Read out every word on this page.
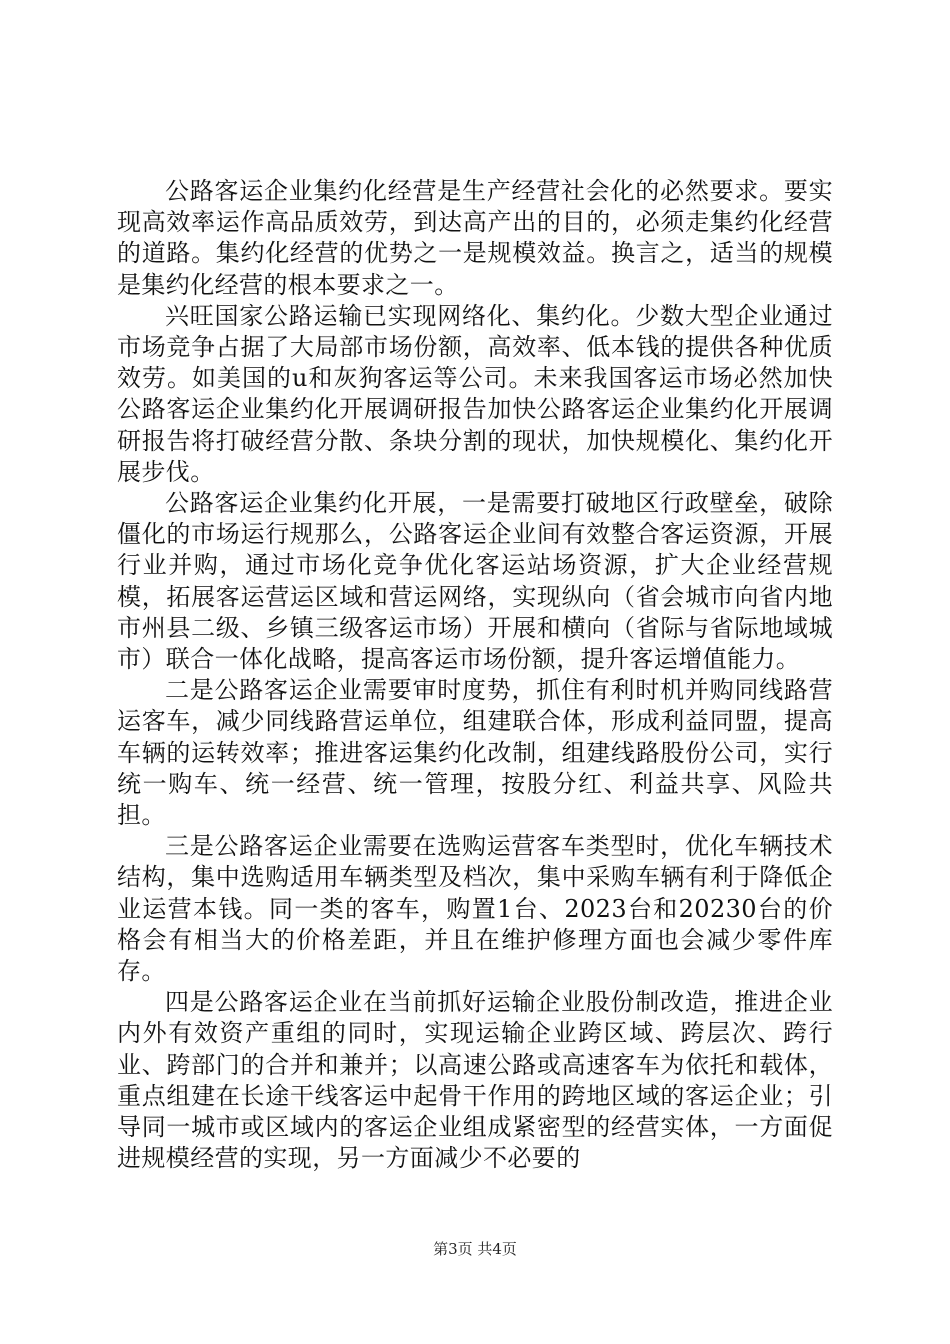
公路客运企业集约化经营是生产经营社会化的必然要求。要实现高效率运作高品质效劳，到达高产出的目的，必须走集约化经营的道路。集约化经营的优势之一是规模效益。换言之，适当的规模是集约化经营的根本要求之一。

兴旺国家公路运输已实现网络化、集约化。少数大型企业通过市场竞争占据了大局部市场份额，高效率、低本钱的提供各种优质效劳。如美国的u和灰狗客运等公司。未来我国客运市场必然加快公路客运企业集约化开展调研报告加快公路客运企业集约化开展调研报告将打破经营分散、条块分割的现状，加快规模化、集约化开展步伐。

公路客运企业集约化开展，一是需要打破地区行政壁垒，破除僵化的市场运行规那么，公路客运企业间有效整合客运资源，开展行业并购，通过市场化竞争优化客运站场资源，扩大企业经营规模，拓展客运营运区域和营运网络，实现纵向（省会城市向省内地市州县二级、乡镇三级客运市场）开展和横向（省际与省际地域城市）联合一体化战略，提高客运市场份额，提升客运增值能力。

二是公路客运企业需要审时度势，抓住有利时机并购同线路营运客车，减少同线路营运单位，组建联合体，形成利益同盟，提高车辆的运转效率；推进客运集约化改制，组建线路股份公司，实行统一购车、统一经营、统一管理，按股分红、利益共享、风险共担。

三是公路客运企业需要在选购运营客车类型时，优化车辆技术结构，集中选购适用车辆类型及档次，集中采购车辆有利于降低企业运营本钱。同一类的客车，购置1台、2023台和20230台的价格会有相当大的价格差距，并且在维护修理方面也会减少零件库存。

四是公路客运企业在当前抓好运输企业股份制改造，推进企业内外有效资产重组的同时，实现运输企业跨区域、跨层次、跨行业、跨部门的合并和兼并；以高速公路或高速客车为依托和载体，重点组建在长途干线客运中起骨干作用的跨地区域的客运企业；引导同一城市或区域内的客运企业组成紧密型的经营实体，一方面促进规模经营的实现，另一方面减少不必要的

第3页 共4页
